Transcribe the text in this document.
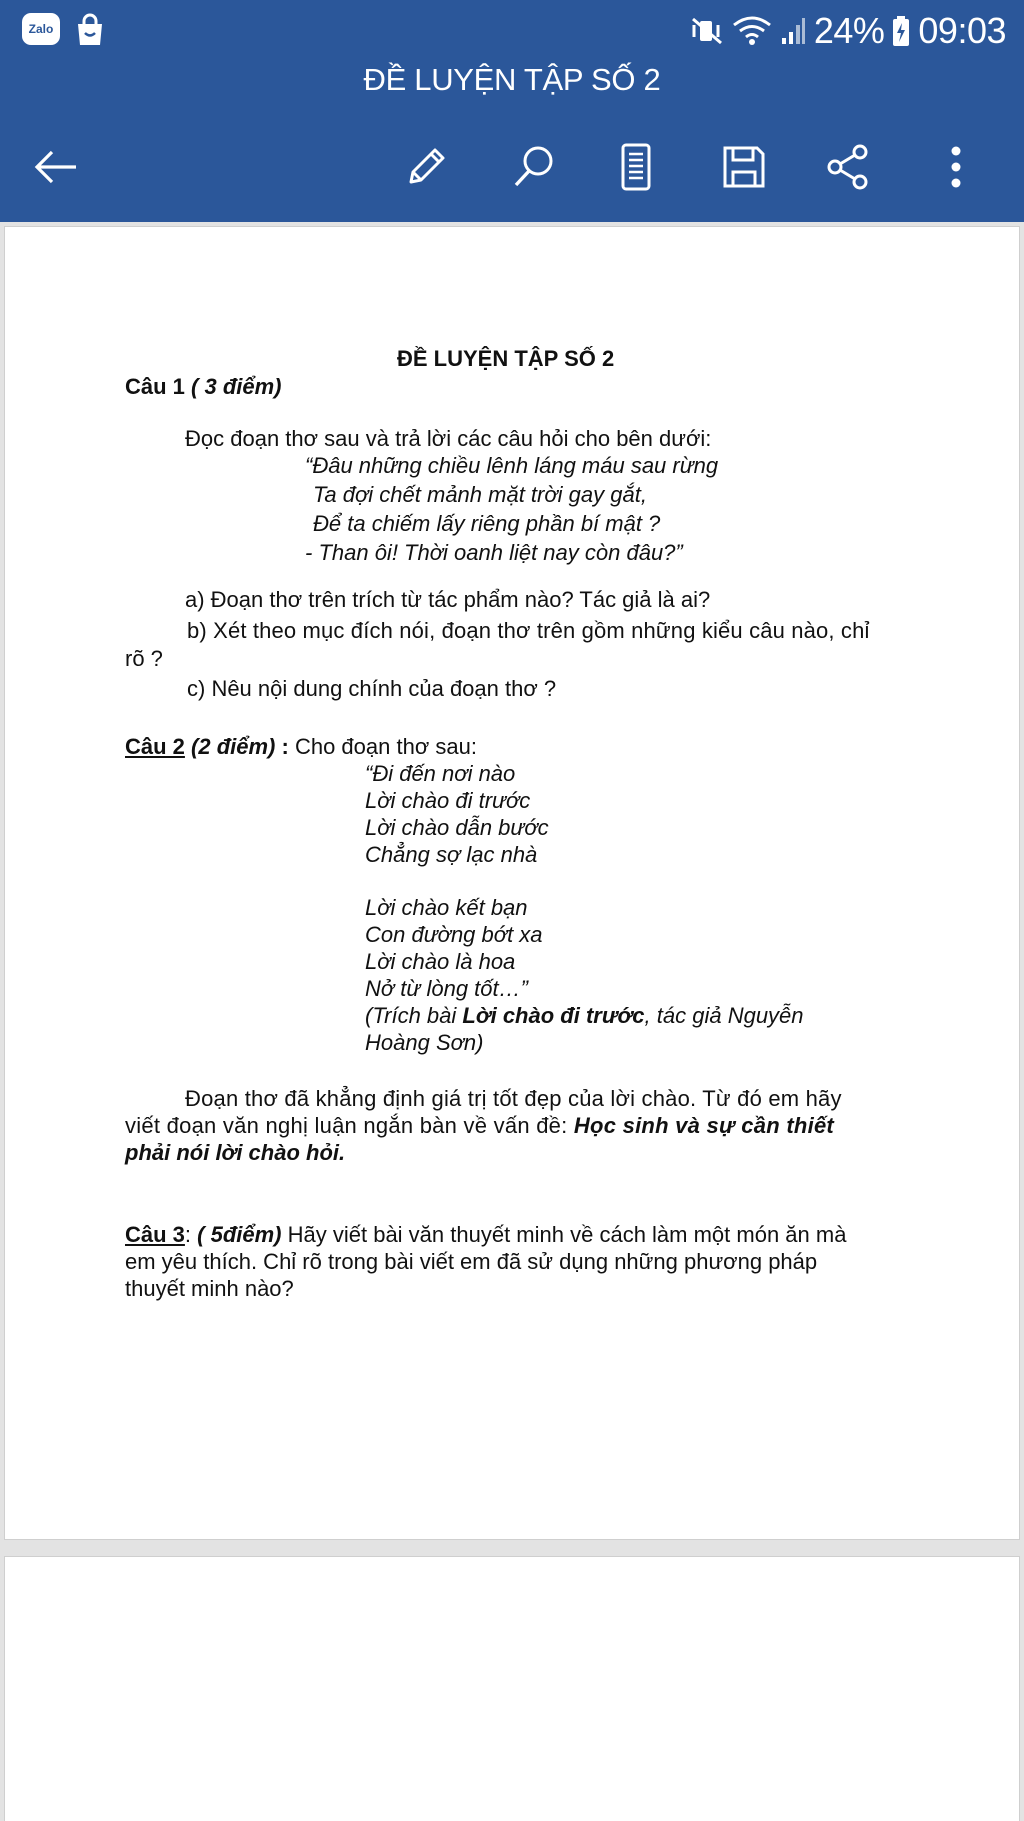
Zalo	24% 09:03
ĐỀ LUYỆN TẬP SỐ 2
ĐỀ LUYỆN TẬP SỐ 2
Câu 1 ( 3 điểm)
Đọc đoạn thơ sau và trả lời các câu hỏi cho bên dưới:
“Đâu những chiều lênh láng máu sau rừng
Ta đợi chết mảnh mặt trời gay gắt,
Để ta chiếm lấy riêng phần bí mật ?
- Than ôi! Thời oanh liệt nay còn đâu?”
a) Đoạn thơ trên trích từ tác phẩm nào? Tác giả là ai?
b) Xét theo mục đích nói, đoạn thơ trên gồm những kiểu câu nào, chỉ
rõ ?
c) Nêu nội dung chính của đoạn thơ ?
Câu 2 (2 điểm) : Cho đoạn thơ sau:
“Đi đến nơi nào
Lời chào đi trước
Lời chào dẫn bước
Chẳng sợ lạc nhà
Lời chào kết bạn
Con đường bớt xa
Lời chào là hoa
Nở từ lòng tốt…”
(Trích bài Lời chào đi trước, tác giả Nguyễn
Hoàng Sơn)
Đoạn thơ đã khẳng định giá trị tốt đẹp của lời chào. Từ đó em hãy
viết đoạn văn nghị luận ngắn bàn về vấn đề: Học sinh và sự cần thiết
phải nói lời chào hỏi.
Câu 3: ( 5điểm) Hãy viết bài văn thuyết minh về cách làm một món ăn mà
em yêu thích. Chỉ rõ trong bài viết em đã sử dụng những phương pháp
thuyết minh nào?
